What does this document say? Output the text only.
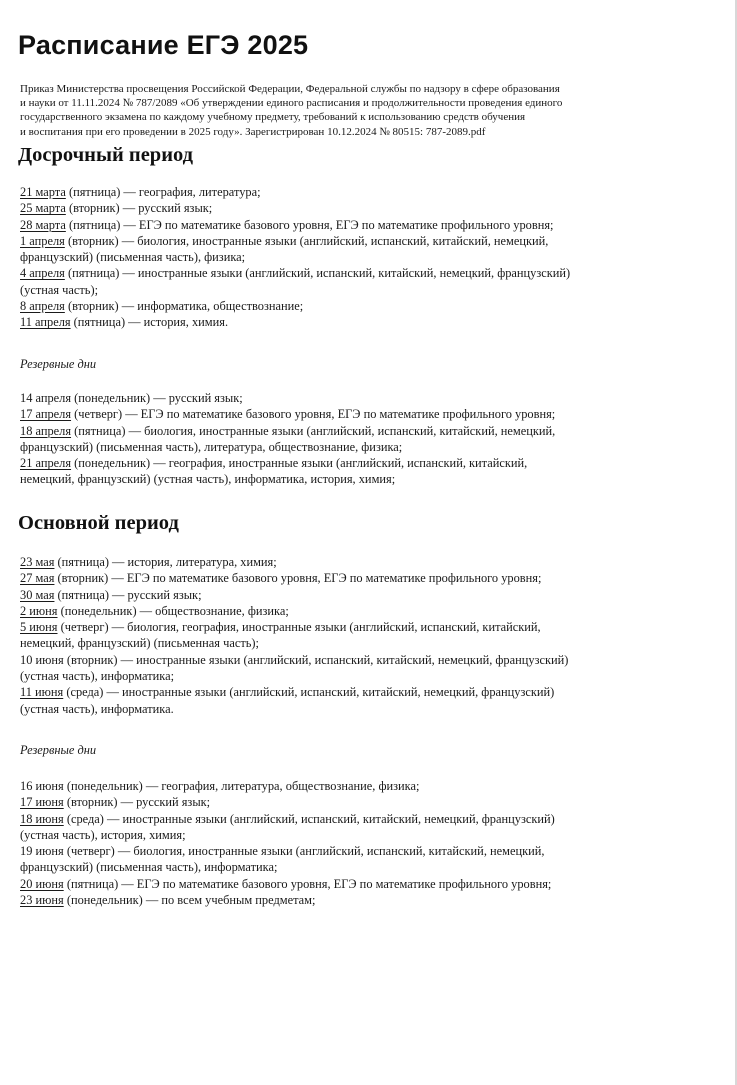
Расписание ЕГЭ 2025
Приказ Министерства просвещения Российской Федерации, Федеральной службы по надзору в сфере образования
и науки от 11.11.2024 № 787/2089 «Об утверждении единого расписания и продолжительности проведения единого
государственного экзамена по каждому учебному предмету, требований к использованию средств обучения
и воспитания при его проведении в 2025 году». Зарегистрирован 10.12.2024 № 80515: 787-2089.pdf
Досрочный период

21 марта (пятница) — география, литература;

25 марта (вторник) — русский язык;

28 марта (пятница) — ЕГЭ по математике базового уровня, ЕГЭ по математике профильного уровня;

1 апреля (вторник) — биология, иностранные языки (английский, испанский, китайский, немецкий,

французский) (письменная часть), физика;

4 апреля (пятница) — иностранные языки (английский, испанский, китайский, немецкий, французский)

(устная часть);

8 апреля (вторник) — информатика, обществознание;

11 апреля (пятница) — история, химия.

Резервные дни

14 апреля (понедельник) — русский язык;

17 апреля (четверг) — ЕГЭ по математике базового уровня, ЕГЭ по математике профильного уровня;

18 апреля (пятница) — биология, иностранные языки (английский, испанский, китайский, немецкий,

французский) (письменная часть), литература, обществознание, физика;

21 апреля (понедельник) — география, иностранные языки (английский, испанский, китайский,

немецкий, французский) (устная часть), информатика, история, химия;

Основной период

23 мая (пятница) — история, литература, химия;

27 мая (вторник) — ЕГЭ по математике базового уровня, ЕГЭ по математике профильного уровня;

30 мая (пятница) — русский язык;

2 июня (понедельник) — обществознание, физика;

5 июня (четверг) — биология, география, иностранные языки (английский, испанский, китайский,

немецкий, французский) (письменная часть);

10 июня (вторник) — иностранные языки (английский, испанский, китайский, немецкий, французский)

(устная часть), информатика;

11 июня (среда) — иностранные языки (английский, испанский, китайский, немецкий, французский)

(устная часть), информатика.

Резервные дни

16 июня (понедельник) — география, литература, обществознание, физика;

17 июня (вторник) — русский язык;

18 июня (среда) — иностранные языки (английский, испанский, китайский, немецкий, французский)

(устная часть), история, химия;

19 июня (четверг) — биология, иностранные языки (английский, испанский, китайский, немецкий,

французский) (письменная часть), информатика;

20 июня (пятница) — ЕГЭ по математике базового уровня, ЕГЭ по математике профильного уровня;

23 июня (понедельник) — по всем учебным предметам;
